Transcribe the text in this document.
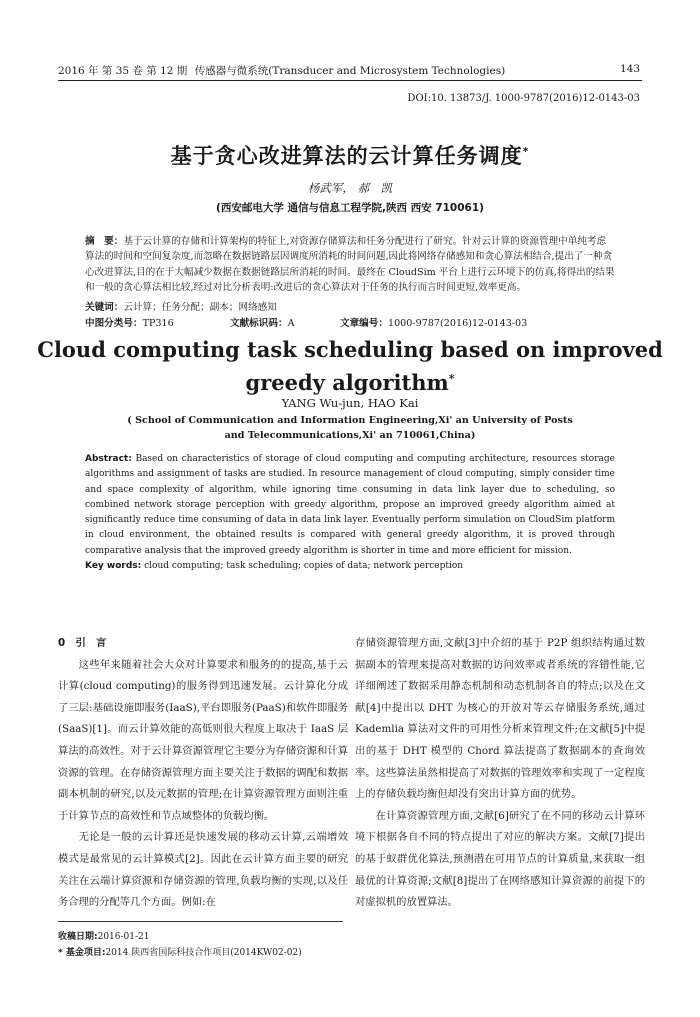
2016 年 第 35 卷 第 12 期 传感器与微系统(Transducer and Microsystem Technologies)	143
DOI:10. 13873/J. 1000-9787(2016)12-0143-03
基于贪心改进算法的云计算任务调度*
杨武军， 郝　凯
(西安邮电大学 通信与信息工程学院,陕西 西安 710061)
摘　要：基于云计算的存储和计算架构的特征上,对资源存储算法和任务分配进行了研究。针对云计算的资源管理中单纯考虑算法的时间和空间复杂度,而忽略在数据链路层因调度所消耗的时间问题,因此将网络存储感知和贪心算法相结合,提出了一种贪心改进算法,目的在于大幅减少数据在数据链路层所消耗的时间。最终在 CloudSim 平台上进行云环境下的仿真,将得出的结果和一般的贪心算法相比较,经过对比分析表明:改进后的贪心算法对于任务的执行而言时间更短,效率更高。
关键词：云计算；任务分配；副本；网络感知
中图分类号：TP316	文献标识码：A	文章编号：1000-9787(2016)12-0143-03
Cloud computing task scheduling based on improved greedy algorithm*
YANG Wu-jun, HAO Kai
( School of Communication and Information Engineering,Xi' an University of Posts and Telecommunications,Xi' an 710061,China)
Abstract: Based on characteristics of storage of cloud computing and computing architecture, resources storage algorithms and assignment of tasks are studied. In resource management of cloud computing, simply consider time and space complexity of algorithm, while ignoring time consuming in data link layer due to scheduling, so combined network storage perception with greedy algorithm, propose an improved greedy algorithm aimed at significantly reduce time consuming of data in data link layer. Eventually perform simulation on CloudSim platform in cloud environment, the obtained results is compared with general greedy algorithm, it is proved through comparative analysis that the improved greedy algorithm is shorter in time and more efficient for mission.
Key words: cloud computing; task scheduling; copies of data; network perception
0　引　言

这些年来随着社会大众对计算要求和服务的的提高,基于云计算(cloud computing)的服务得到迅速发展。云计算化分成了三层:基础设施即服务(IaaS),平台即服务(PaaS)和软件即服务(SaaS)[1]。而云计算效能的高低则很大程度上取决于 IaaS 层算法的高效性。对于云计算资源管理它主要分为存储资源和计算资源的管理。在存储资源管理方面主要关注于数据的调配和数据副本机制的研究,以及元数据的管理;在计算资源管理方面则注重于计算节点的高效性和节点域整体的负载均衡。

无论是一般的云计算还是快速发展的移动云计算,云端增效模式是最常见的云计算模式[2]。因此在云计算方面主要的研究关注在云端计算资源和存储资源的管理,负载均衡的实现,以及任务合理的分配等几个方面。例如:在

存储资源管理方面,文献[3]中介绍的基于 P2P 组织结构通过数据副本的管理来提高对数据的访问效率或者系统的容错性能,它详细阐述了数据采用静态机制和动态机制各自的特点;以及在文献[4]中提出以 DHT 为核心的开放对等云存储服务系统,通过 Kademlia 算法对文件的可用性分析来管理文件;在文献[5]中提出的基于 DHT 模型的 Chord 算法提高了数据副本的查询效率。这些算法虽然相提高了对数据的管理效率和实现了一定程度上的存储负载均衡但却没有突出计算方面的优势。

在计算资源管理方面,文献[6]研究了在不同的移动云计算环境下根据各自不同的特点提出了对应的解决方案。文献[7]提出的基于蚁群优化算法,预测潜在可用节点的计算质量,来获取一组最优的计算资源;文献[8]提出了在网络感知计算资源的前提下的对虚拟机的放置算法。

收稿日期:2016-01-21
* 基金项目:2014 陕西省国际科技合作项目(2014KW02-02)
